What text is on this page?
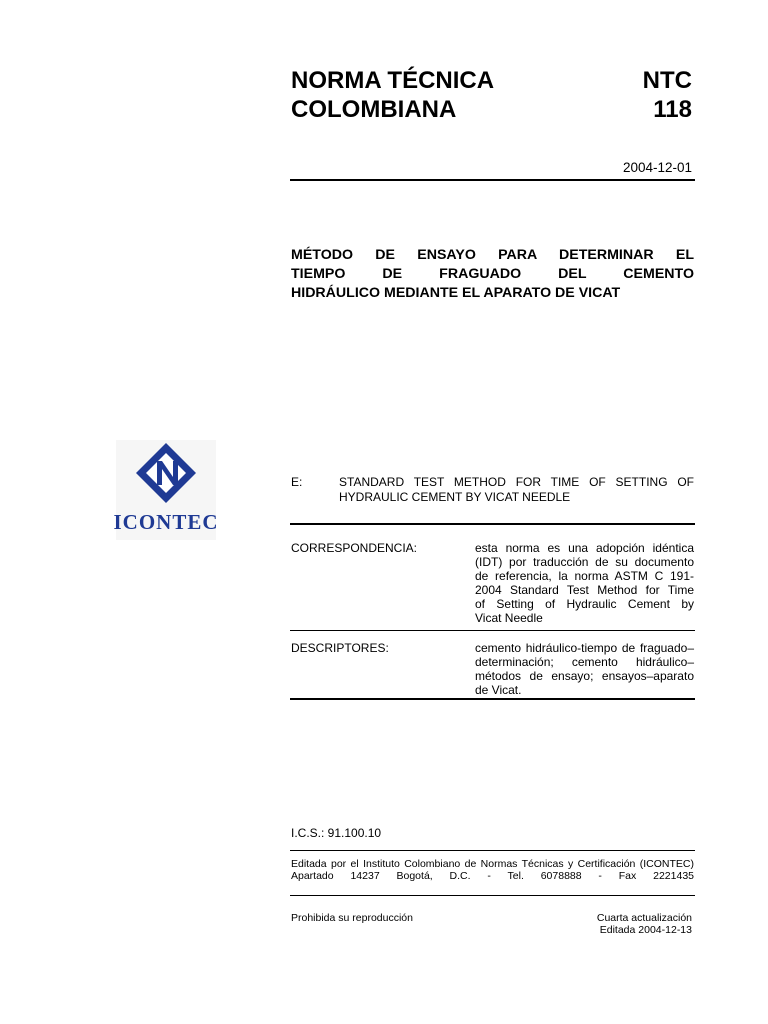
NORMA TÉCNICA
COLOMBIANA
NTC
118
2004-12-01
MÉTODO DE ENSAYO PARA DETERMINAR EL
TIEMPO DE FRAGUADO DEL CEMENTO
HIDRÁULICO MEDIANTE EL APARATO DE VICAT
ICONTEC
E:	STANDARD TEST METHOD FOR TIME OF SETTING OF
HYDRAULIC CEMENT BY VICAT NEEDLE
CORRESPONDENCIA:	esta norma es una adopción idéntica
(IDT) por traducción de su documento
de referencia, la norma ASTM C 191-
2004 Standard Test Method for Time
of Setting of Hydraulic Cement by
Vicat Needle
DESCRIPTORES:	cemento hidráulico-tiempo de fraguado–
determinación; cemento hidráulico–
métodos de ensayo; ensayos–aparato
de Vicat.
I.C.S.: 91.100.10
Editada por el Instituto Colombiano de Normas Técnicas y Certificación (ICONTEC)
Apartado 14237 Bogotá, D.C. - Tel. 6078888 - Fax 2221435
Prohibida su reproducción	Cuarta actualización
Editada 2004-12-13
